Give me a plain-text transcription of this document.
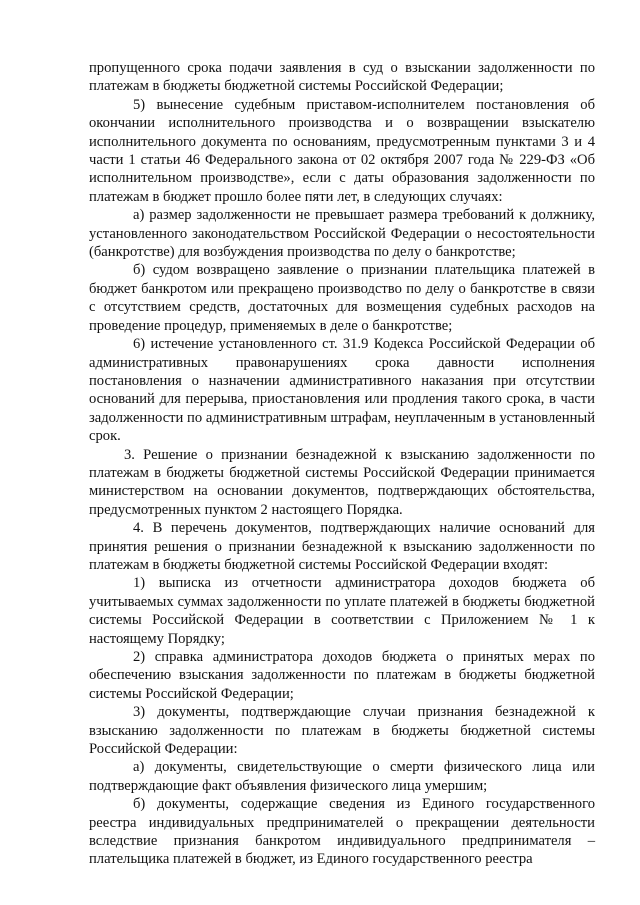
пропущенного срока подачи заявления в суд о взыскании задолженности по платежам в бюджеты бюджетной системы Российской Федерации;

5) вынесение судебным приставом-исполнителем постановления об окончании исполнительного производства и о возвращении взыскателю исполнительного документа по основаниям, предусмотренным пунктами 3 и 4 части 1 статьи 46 Федерального закона от 02 октября 2007 года № 229-ФЗ «Об исполнительном производстве», если с даты образования задолженности по платежам в бюджет прошло более пяти лет, в следующих случаях:

а) размер задолженности не превышает размера требований к должнику, установленного законодательством Российской Федерации о несостоятельности (банкротстве) для возбуждения производства по делу о банкротстве;

б) судом возвращено заявление о признании плательщика платежей в бюджет банкротом или прекращено производство по делу о банкротстве в связи с отсутствием средств, достаточных для возмещения судебных расходов на проведение процедур, применяемых в деле о банкротстве;

6) истечение установленного ст. 31.9 Кодекса Российской Федерации об административных правонарушениях срока давности исполнения постановления о назначении административного наказания при отсутствии оснований для перерыва, приостановления или продления такого срока, в части задолженности по административным штрафам, неуплаченным в установленный срок.

3. Решение о признании безнадежной к взысканию задолженности по платежам в бюджеты бюджетной системы Российской Федерации принимается министерством на основании документов, подтверждающих обстоятельства, предусмотренных пунктом 2 настоящего Порядка.

4. В перечень документов, подтверждающих наличие оснований для принятия решения о признании безнадежной к взысканию задолженности по платежам в бюджеты бюджетной системы Российской Федерации входят:

1) выписка из отчетности администратора доходов бюджета об учитываемых суммах задолженности по уплате платежей в бюджеты бюджетной системы Российской Федерации в соответствии с Приложением № 1 к настоящему Порядку;

2) справка администратора доходов бюджета о принятых мерах по обеспечению взыскания задолженности по платежам в бюджеты бюджетной системы Российской Федерации;

3) документы, подтверждающие случаи признания безнадежной к взысканию задолженности по платежам в бюджеты бюджетной системы Российской Федерации:

а) документы, свидетельствующие о смерти физического лица или подтверждающие факт объявления физического лица умершим;

б) документы, содержащие сведения из Единого государственного реестра индивидуальных предпринимателей о прекращении деятельности вследствие признания банкротом индивидуального предпринимателя – плательщика платежей в бюджет, из Единого государственного реестра
